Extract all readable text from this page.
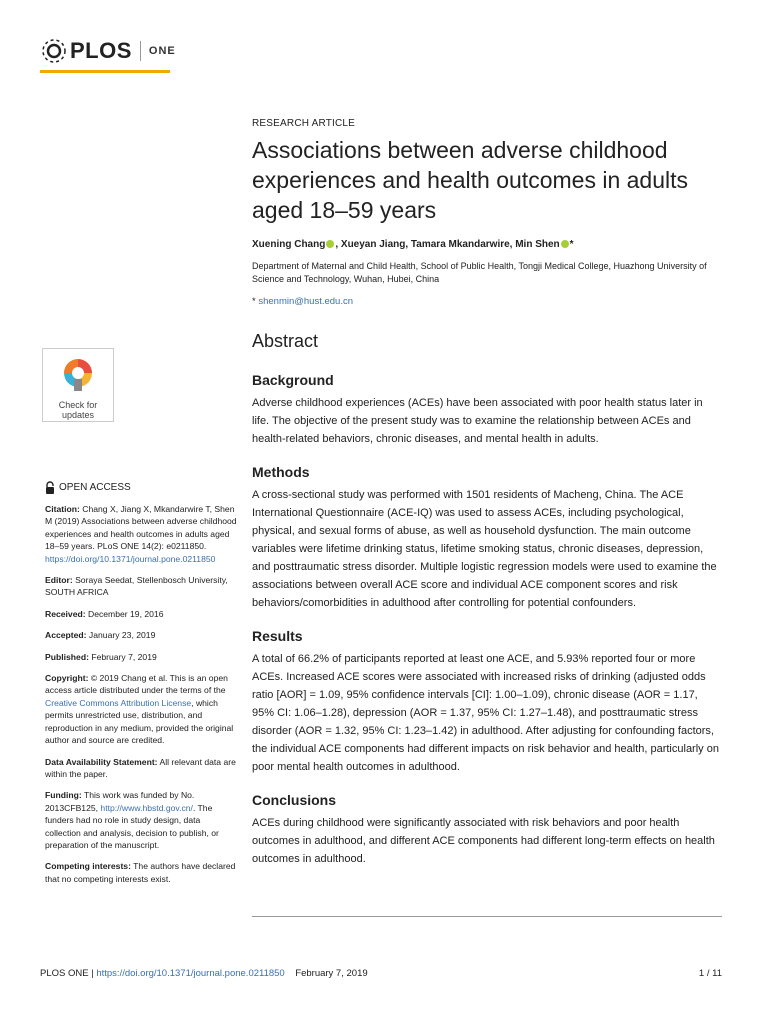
PLOS ONE
Check for
updates
OPEN ACCESS

Citation: Chang X, Jiang X, Mkandarwire T, Shen M (2019) Associations between adverse childhood experiences and health outcomes in adults aged 18–59 years. PLoS ONE 14(2): e0211850. https://doi.org/10.1371/journal.pone.0211850

Editor: Soraya Seedat, Stellenbosch University, SOUTH AFRICA

Received: December 19, 2016

Accepted: January 23, 2019

Published: February 7, 2019

Copyright: © 2019 Chang et al. This is an open access article distributed under the terms of the Creative Commons Attribution License, which permits unrestricted use, distribution, and reproduction in any medium, provided the original author and source are credited.

Data Availability Statement: All relevant data are within the paper.

Funding: This work was funded by No. 2013CFB125, http://www.hbstd.gov.cn/. The funders had no role in study design, data collection and analysis, decision to publish, or preparation of the manuscript.

Competing interests: The authors have declared that no competing interests exist.

RESEARCH ARTICLE

Associations between adverse childhood experiences and health outcomes in adults aged 18–59 years

Xuening Chang , Xueyan Jiang, Tamara Mkandarwire, Min Shen *

Department of Maternal and Child Health, School of Public Health, Tongji Medical College, Huazhong University of Science and Technology, Wuhan, Hubei, China

* shenmin@hust.edu.cn

Abstract
Background

Adverse childhood experiences (ACEs) have been associated with poor health status later in life. The objective of the present study was to examine the relationship between ACEs and health-related behaviors, chronic diseases, and mental health in adults.

Methods

A cross-sectional study was performed with 1501 residents of Macheng, China. The ACE International Questionnaire (ACE-IQ) was used to assess ACEs, including psychological, physical, and sexual forms of abuse, as well as household dysfunction. The main outcome variables were lifetime drinking status, lifetime smoking status, chronic diseases, depression, and posttraumatic stress disorder. Multiple logistic regression models were used to examine the associations between overall ACE score and individual ACE component scores and risk behaviors/comorbidities in adulthood after controlling for potential confounders.

Results

A total of 66.2% of participants reported at least one ACE, and 5.93% reported four or more ACEs. Increased ACE scores were associated with increased risks of drinking (adjusted odds ratio [AOR] = 1.09, 95% confidence intervals [CI]: 1.00–1.09), chronic disease (AOR = 1.17, 95% CI: 1.06–1.28), depression (AOR = 1.37, 95% CI: 1.27–1.48), and posttraumatic stress disorder (AOR = 1.32, 95% CI: 1.23–1.42) in adulthood. After adjusting for confounding factors, the individual ACE components had different impacts on risk behavior and health, particularly on poor mental health outcomes in adulthood.

Conclusions

ACEs during childhood were significantly associated with risk behaviors and poor health outcomes in adulthood, and different ACE components had different long-term effects on health outcomes in adulthood.

PLOS ONE | https://doi.org/10.1371/journal.pone.0211850 February 7, 2019	1 / 11
